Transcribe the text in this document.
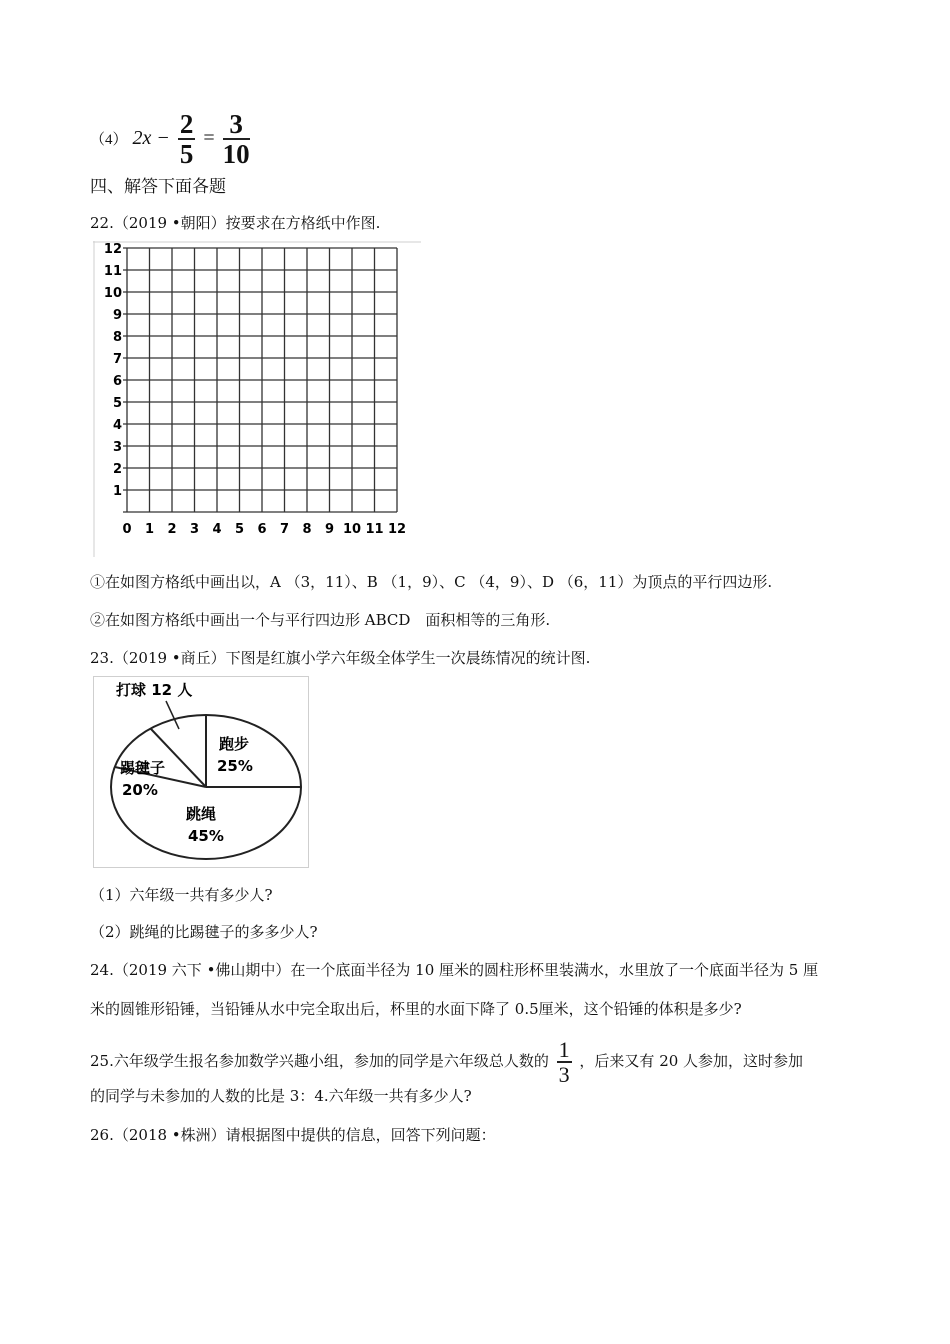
（4） $2x - \frac{2}{5} = \frac{3}{10}$
四、解答下面各题
22.（2019 •朝阳）按要求在方格纸中作图.
0 1 2 3 4 5 6 7 8 9 10 11 12
1
2
3
4
5
6
7
8
9
10
11
12
①在如图方格纸中画出以，A （3，11）、B （1，9）、C （4，9）、D （6，11）为顶点的平行四边形.
②在如图方格纸中画出一个与平行四边形 ABCD　面积相等的三角形.
23.（2019 •商丘）下图是红旗小学六年级全体学生一次晨练情况的统计图.
打球 12 人
跑步
25%
踢毽子
20%
跳绳
45%
（1）六年级一共有多少人?
（2）跳绳的比踢毽子的多多少人?
24.（2019 六下 •佛山期中）在一个底面半径为 10 厘米的圆柱形杯里装满水，水里放了一个底面半径为 5 厘
米的圆锥形铅锤，当铅锤从水中完全取出后，杯里的水面下降了 0.5厘米，这个铅锤的体积是多少?
25.六年级学生报名参加数学兴趣小组，参加的同学是六年级总人数的 $\frac{1}{3}$ ，后来又有 20 人参加，这时参加
的同学与未参加的人数的比是 3：4.六年级一共有多少人?
26.（2018 •株洲）请根据图中提供的信息，回答下列问题：
